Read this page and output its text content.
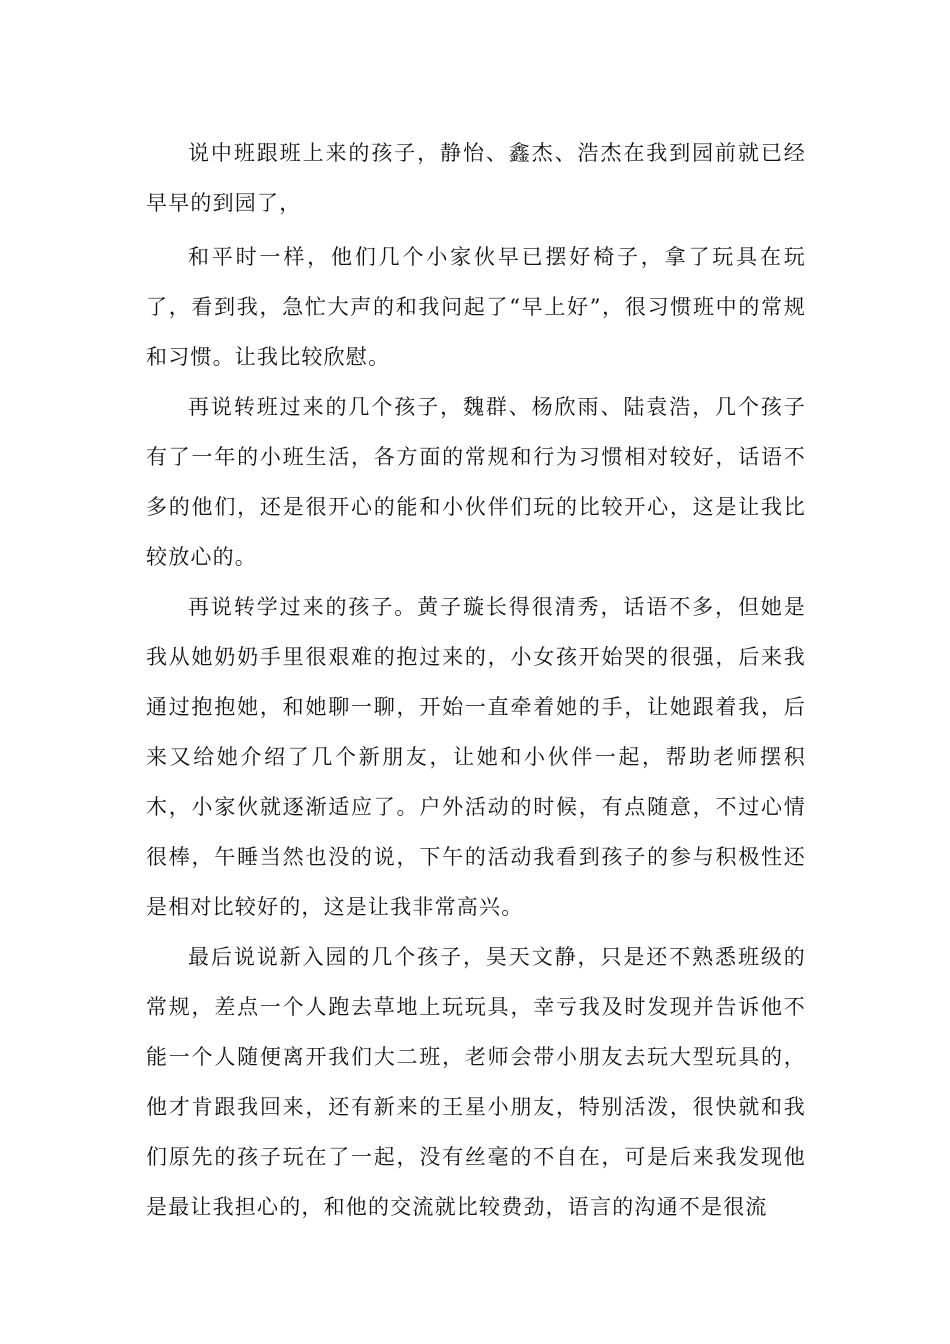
说中班跟班上来的孩子，静怡、鑫杰、浩杰在我到园前就已经早早的到园了，

和平时一样，他们几个小家伙早已摆好椅子，拿了玩具在玩了，看到我，急忙大声的和我问起了“早上好”，很习惯班中的常规和习惯。让我比较欣慰。

再说转班过来的几个孩子，魏群、杨欣雨、陆袁浩，几个孩子有了一年的小班生活，各方面的常规和行为习惯相对较好，话语不多的他们，还是很开心的能和小伙伴们玩的比较开心，这是让我比较放心的。

再说转学过来的孩子。黄子璇长得很清秀，话语不多，但她是我从她奶奶手里很艰难的抱过来的，小女孩开始哭的很强，后来我通过抱抱她，和她聊一聊，开始一直牵着她的手，让她跟着我，后来又给她介绍了几个新朋友，让她和小伙伴一起，帮助老师摆积木，小家伙就逐渐适应了。户外活动的时候，有点随意，不过心情很棒，午睡当然也没的说，下午的活动我看到孩子的参与积极性还是相对比较好的，这是让我非常高兴。

最后说说新入园的几个孩子，昊天文静，只是还不熟悉班级的常规，差点一个人跑去草地上玩玩具，幸亏我及时发现并告诉他不能一个人随便离开我们大二班，老师会带小朋友去玩大型玩具的，他才肯跟我回来，还有新来的王星小朋友，特别活泼，很快就和我们原先的孩子玩在了一起，没有丝毫的不自在，可是后来我发现他是最让我担心的，和他的交流就比较费劲，语言的沟通不是很流
